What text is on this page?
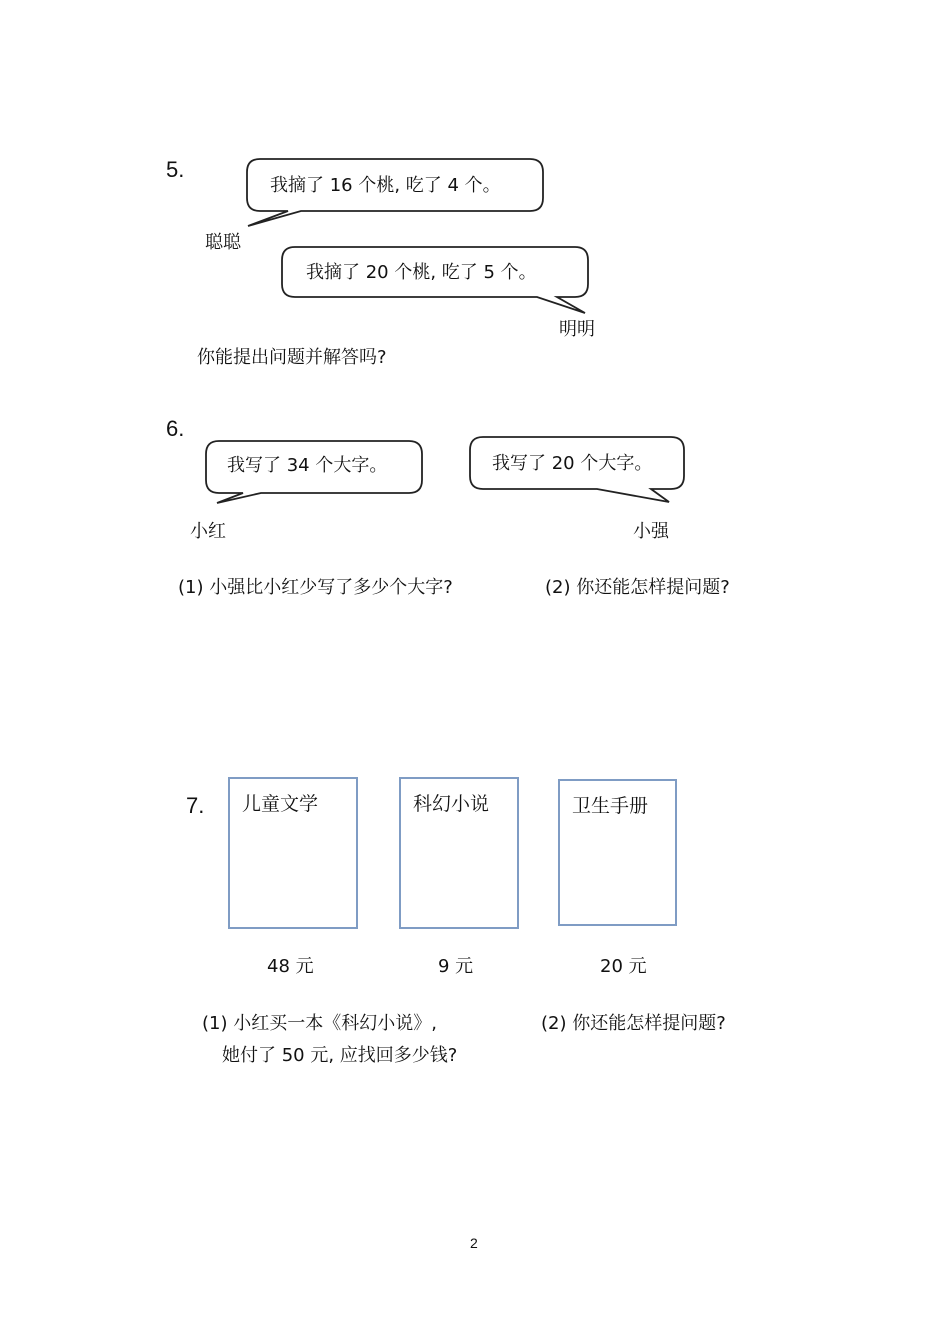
5.
我摘了 16 个桃, 吃了 4 个。
聪聪
我摘了 20 个桃, 吃了 5 个。
明明
你能提出问题并解答吗?
6.
我写了 34 个大字。
小红
我写了 20 个大字。
小强
(1) 小强比小红少写了多少个大字?	(2) 你还能怎样提问题?
7. 儿童文学	科幻小说	卫生手册
48 元	9 元	20 元
(1) 小红买一本《科幻小说》,
她付了 50 元, 应找回多少钱?
(2) 你还能怎样提问题?
2
